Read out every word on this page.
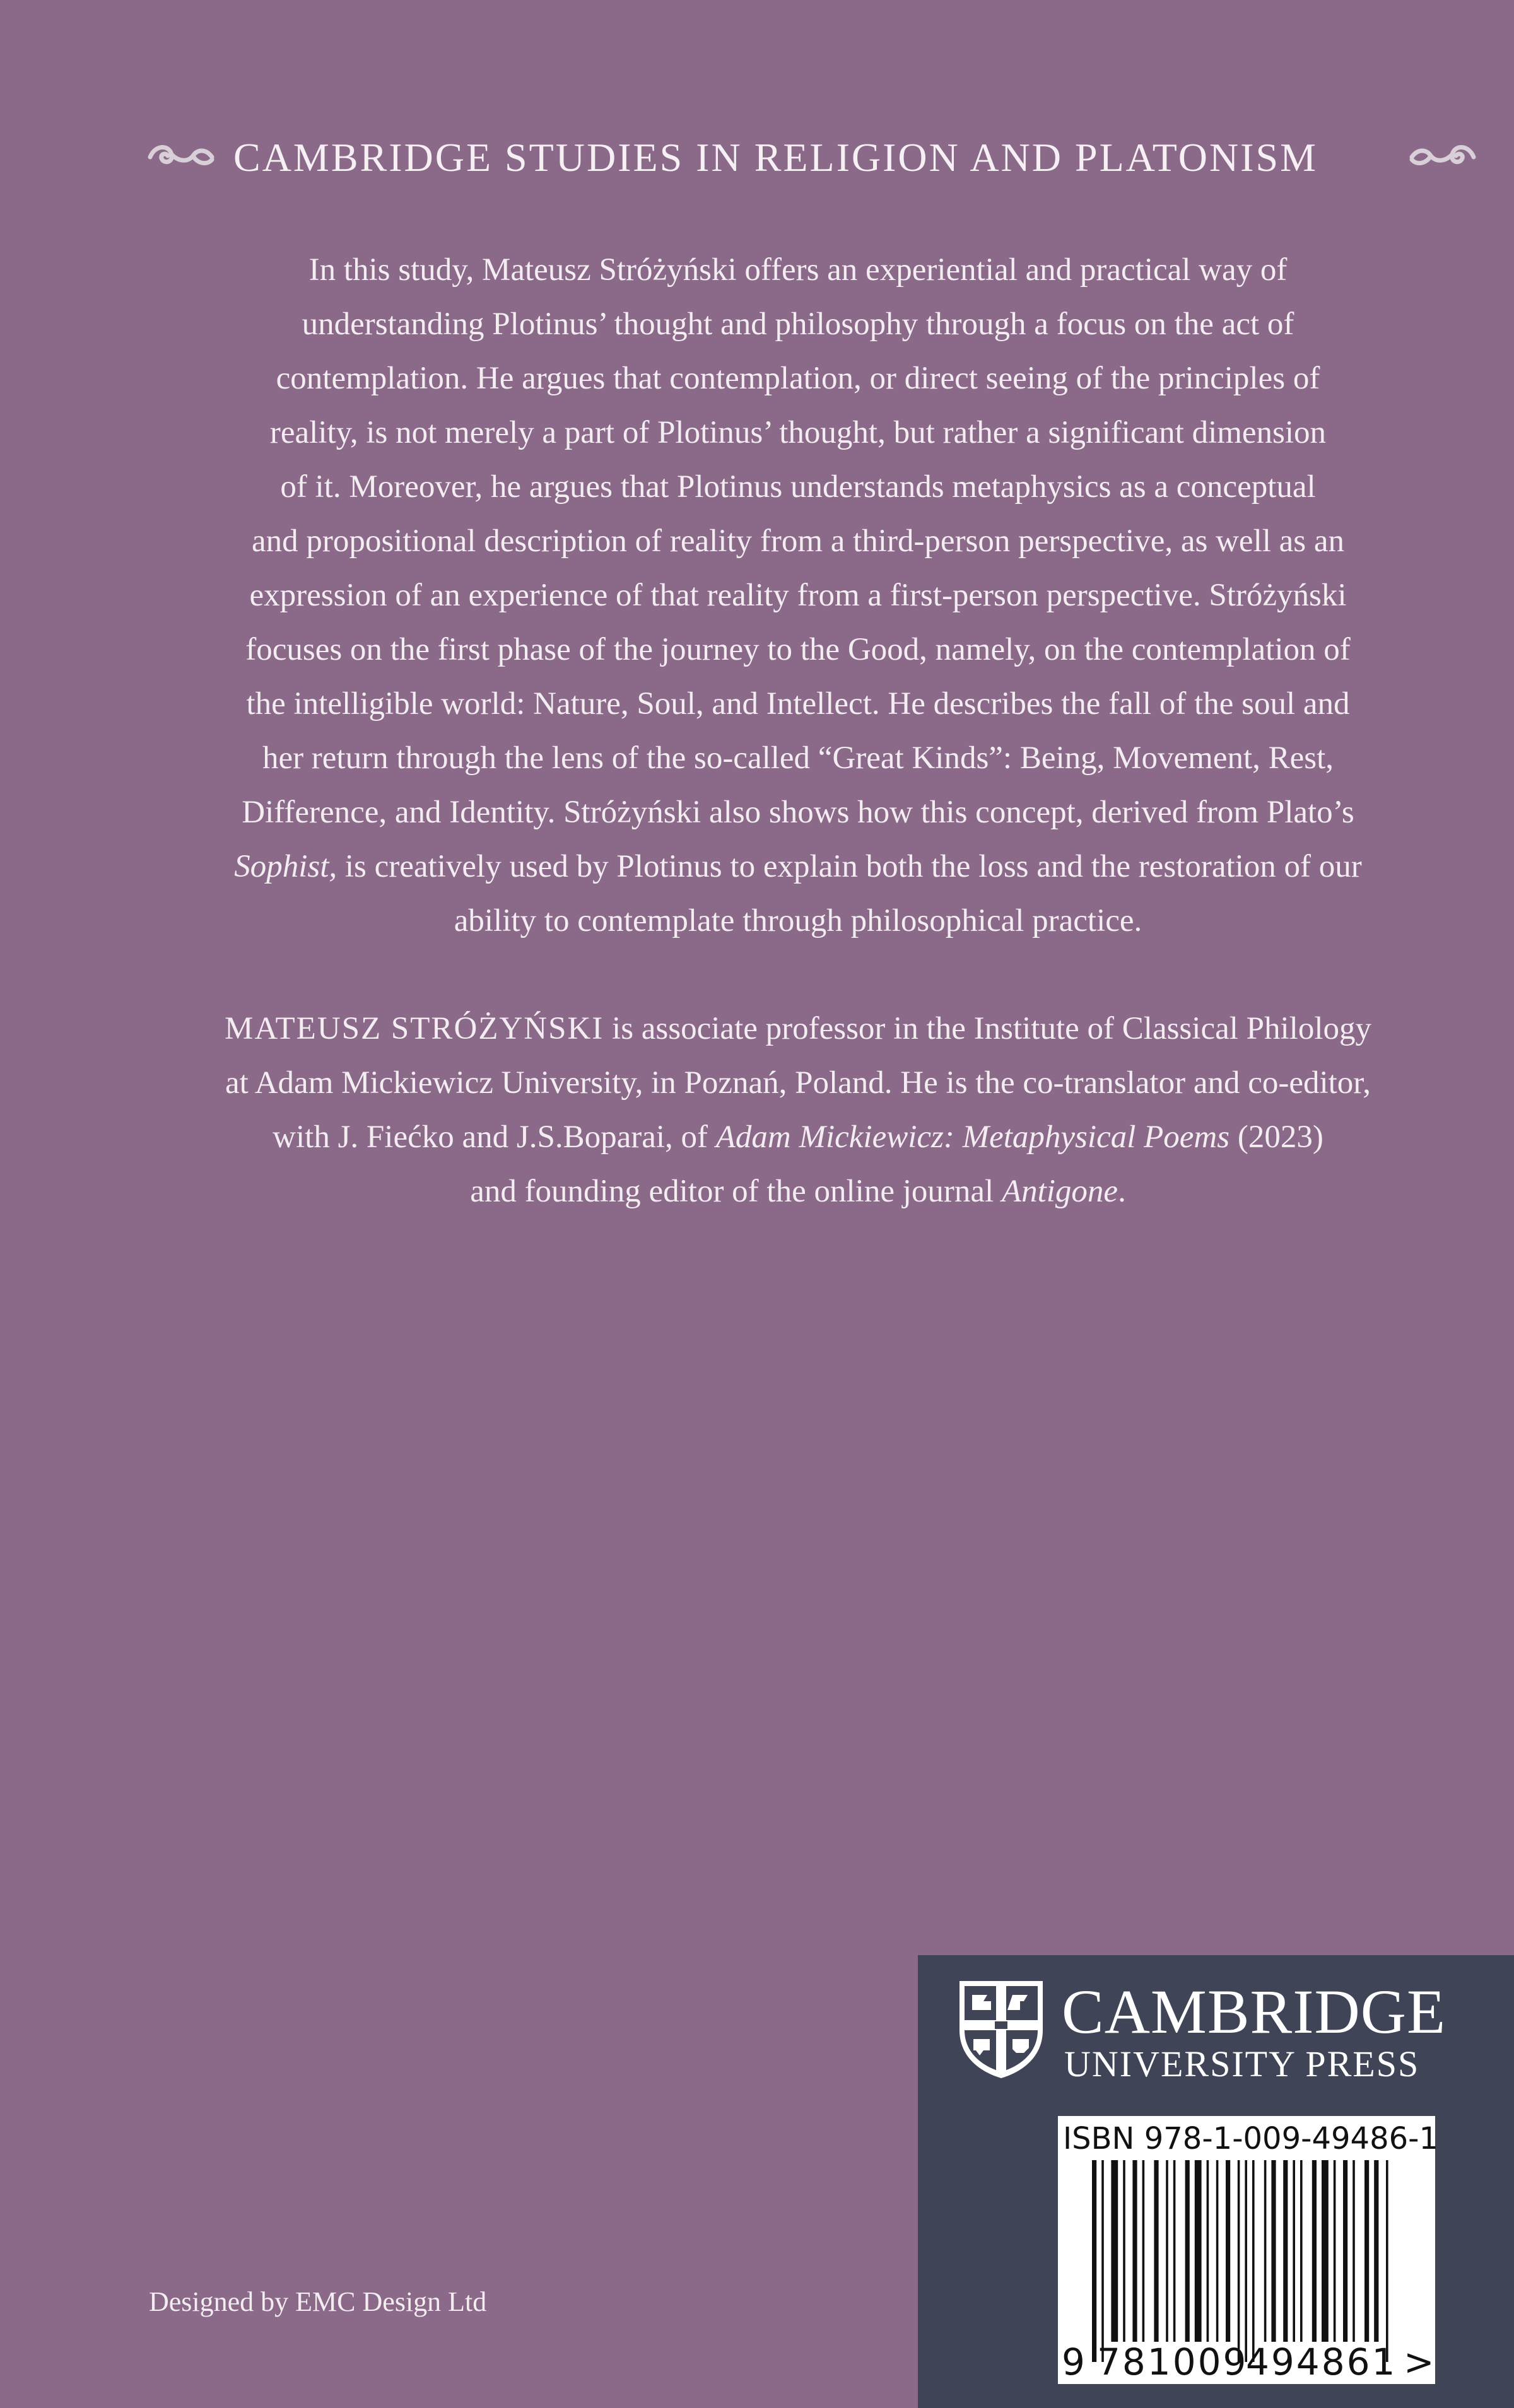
CAMBRIDGE STUDIES IN RELIGION AND PLATONISM
In this study, Mateusz Stróżyński offers an experiential and practical way of
understanding Plotinus’ thought and philosophy through a focus on the act of
contemplation. He argues that contemplation, or direct seeing of the principles of
reality, is not merely a part of Plotinus’ thought, but rather a significant dimension
of it. Moreover, he argues that Plotinus understands metaphysics as a conceptual
and propositional description of reality from a third-person perspective, as well as an
expression of an experience of that reality from a first-person perspective. Stróżyński
focuses on the first phase of the journey to the Good, namely, on the contemplation of
the intelligible world: Nature, Soul, and Intellect. He describes the fall of the soul and
her return through the lens of the so-called “Great Kinds”: Being, Movement, Rest,
Difference, and Identity. Stróżyński also shows how this concept, derived from Plato’s
Sophist, is creatively used by Plotinus to explain both the loss and the restoration of our
ability to contemplate through philosophical practice.
MATEUSZ STRÓŻYŃSKI is associate professor in the Institute of Classical Philology
at Adam Mickiewicz University, in Poznań, Poland. He is the co-translator and co-editor,
with J. Fiećko and J.S.Boparai, of Adam Mickiewicz: Metaphysical Poems (2023)
and founding editor of the online journal Antigone.
Designed by EMC Design Ltd
CAMBRIDGE
UNIVERSITY PRESS
ISBN 978-1-009-49486-1
9 781009
494861 >
